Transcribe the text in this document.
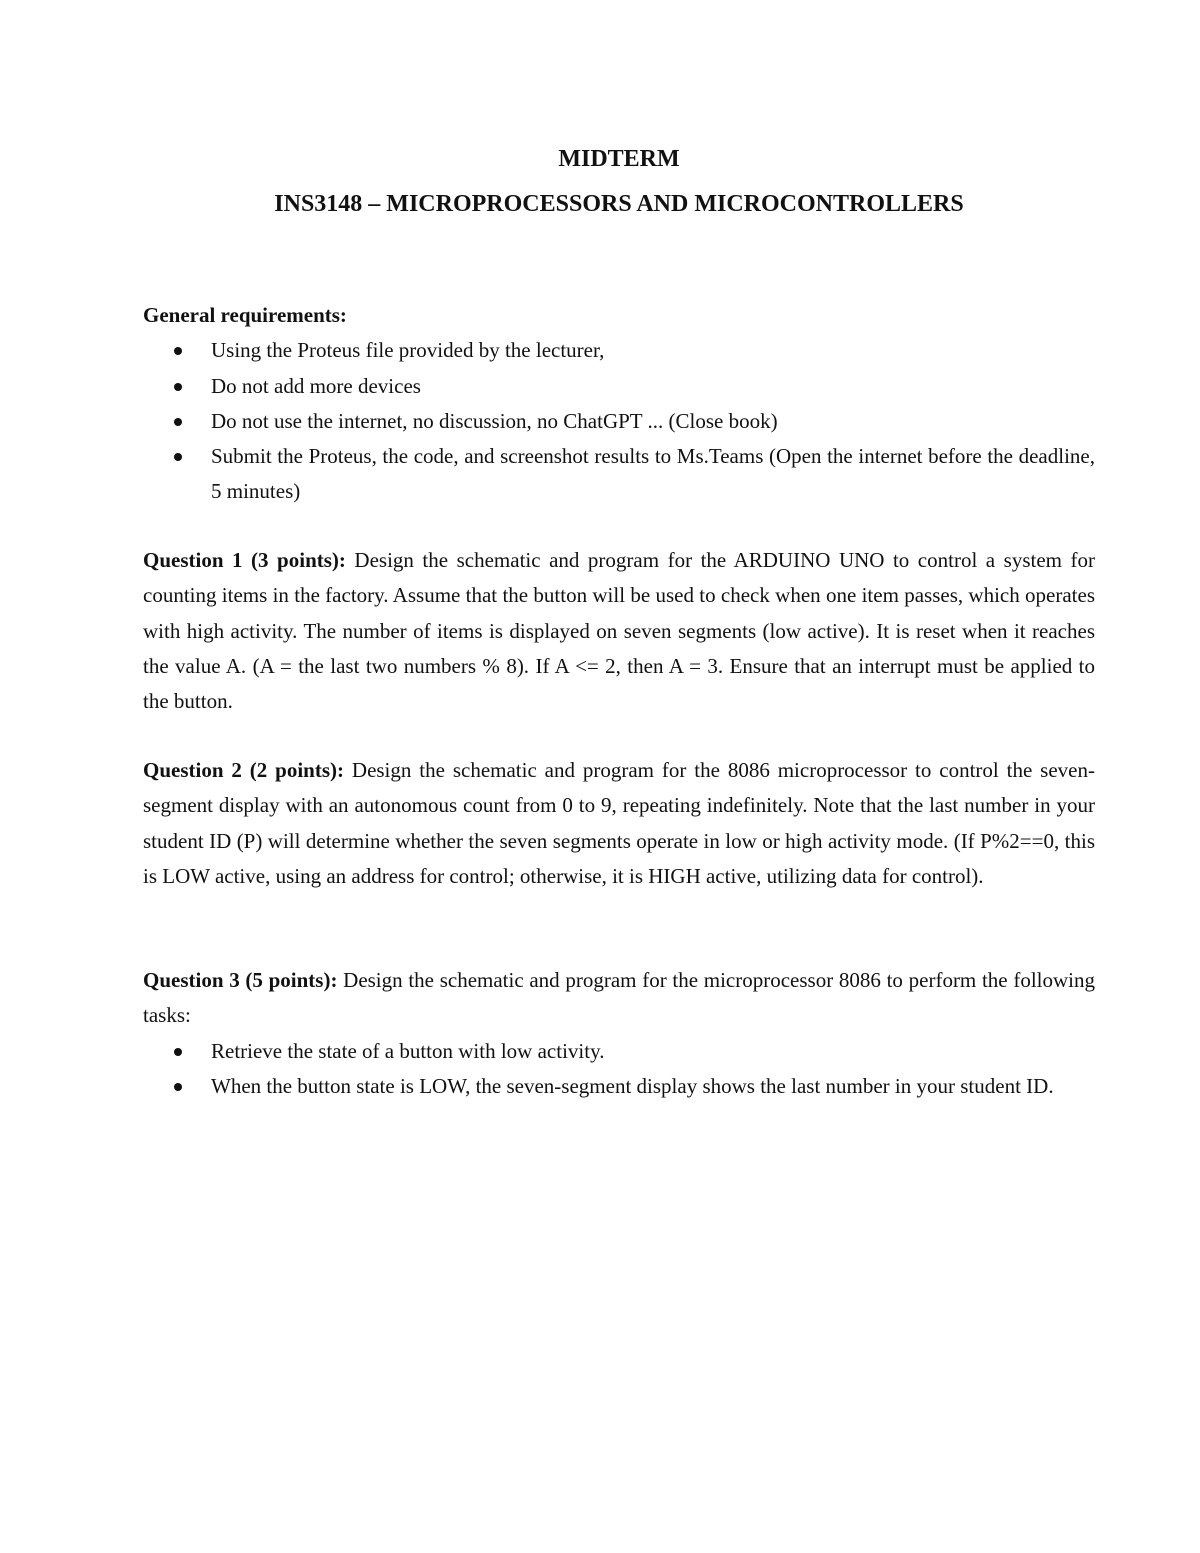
MIDTERM
INS3148 – MICROPROCESSORS AND MICROCONTROLLERS
General requirements:
Using the Proteus file provided by the lecturer,
Do not add more devices
Do not use the internet, no discussion, no ChatGPT ... (Close book)
Submit the Proteus, the code, and screenshot results to Ms.Teams (Open the internet before the deadline, 5 minutes)
Question 1 (3 points): Design the schematic and program for the ARDUINO UNO to control a system for counting items in the factory. Assume that the button will be used to check when one item passes, which operates with high activity. The number of items is displayed on seven segments (low active). It is reset when it reaches the value A. (A = the last two numbers % 8). If A <= 2, then A = 3. Ensure that an interrupt must be applied to the button.
Question 2 (2 points): Design the schematic and program for the 8086 microprocessor to control the seven-segment display with an autonomous count from 0 to 9, repeating indefinitely. Note that the last number in your student ID (P) will determine whether the seven segments operate in low or high activity mode. (If P%2==0, this is LOW active, using an address for control; otherwise, it is HIGH active, utilizing data for control).
Question 3 (5 points): Design the schematic and program for the microprocessor 8086 to perform the following tasks:
Retrieve the state of a button with low activity.
When the button state is LOW, the seven-segment display shows the last number in your student ID.
